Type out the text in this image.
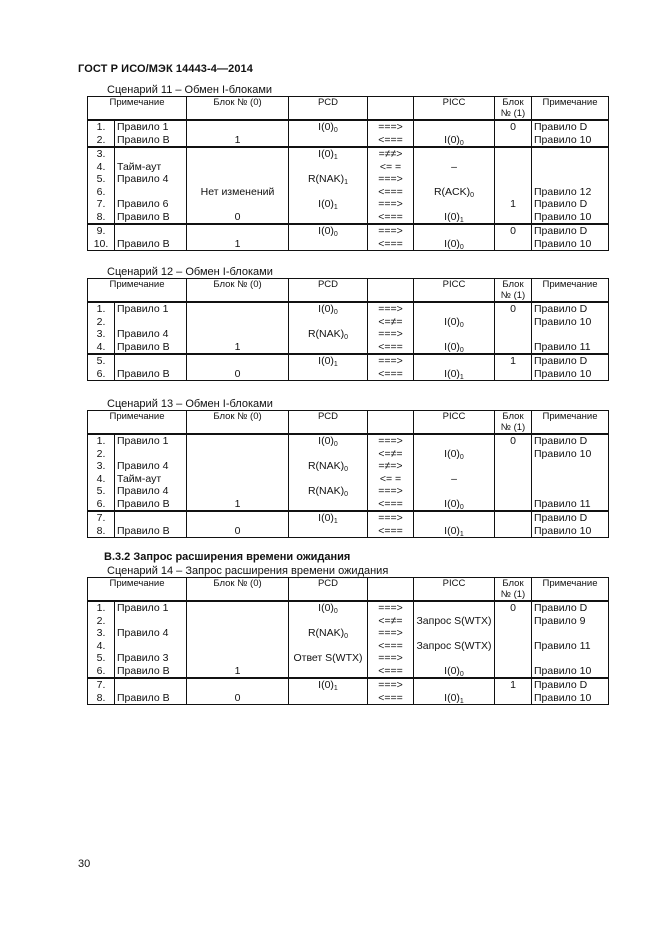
ГОСТ Р ИСО/МЭК 14443-4—2014
Сценарий 11 – Обмен I-блоками
Примечание		Блок № (0)	PCD		PICC	Блок № (1)	Примечание
1.	Правило 1		$I(0)_0$	===>		0	Правило D
2.	Правило В	1		<===	$I(0)_0$		Правило 10
3.			$I(0)_1$	=≠≠>			
4.	Тайм-аут			<= =	–		
5.	Правило 4		$R(NAK)_1$	===>			
6.		Нет изменений		<===	$R(ACK)_0$		Правило 12
7.	Правило 6		$I(0)_1$	===>		1	Правило D
8.	Правило В	0		<===	$I(0)_1$		Правило 10
9.			$I(0)_0$	===>		0	Правило D
10.	Правило В	1		<===	$I(0)_0$		Правило 10
Сценарий 12 – Обмен I-блоками
Примечание		Блок № (0)	PCD		PICC	Блок № (1)	Примечание
1.	Правило 1		$I(0)_0$	===>		0	Правило D
2.				<=≠=	$I(0)_0$		Правило 10
3.	Правило 4		$R(NAK)_0$	===>			
4.	Правило В	1		<===	$I(0)_0$		Правило 11
5.			$I(0)_1$	===>		1	Правило D
6.	Правило В	0		<===	$I(0)_1$		Правило 10
Сценарий 13 – Обмен I-блоками
Примечание		Блок № (0)	PCD		PICC	Блок № (1)	Примечание
1.	Правило 1		$I(0)_0$	===>		0	Правило D
2.				<=≠=	$I(0)_0$		Правило 10
3.	Правило 4		$R(NAK)_0$	=≠=>			
4.	Тайм-аут			<= =	–		
5.	Правило 4		$R(NAK)_0$	===>			
6.	Правило В	1		<===	$I(0)_0$		Правило 11
7.			$I(0)_1$	===>			Правило D
8.	Правило В	0		<===	$I(0)_1$		Правило 10
В.3.2 Запрос расширения времени ожидания
Сценарий 14 – Запрос расширения времени ожидания
Примечание		Блок № (0)	PCD		PICC	Блок № (1)	Примечание
1.	Правило 1		$I(0)_0$	===>		0	Правило D
2.				<=≠=	Запрос S(WTX)		Правило 9
3.	Правило 4		$R(NAK)_0$	===>			
4.				<===	Запрос S(WTX)		Правило 11
5.	Правило 3		Ответ S(WTX)	===>			
6.	Правило В	1		<===	$I(0)_0$		Правило 10
7.			$I(0)_1$	===>		1	Правило D
8.	Правило В	0		<===	$I(0)_1$		Правило 10
30
